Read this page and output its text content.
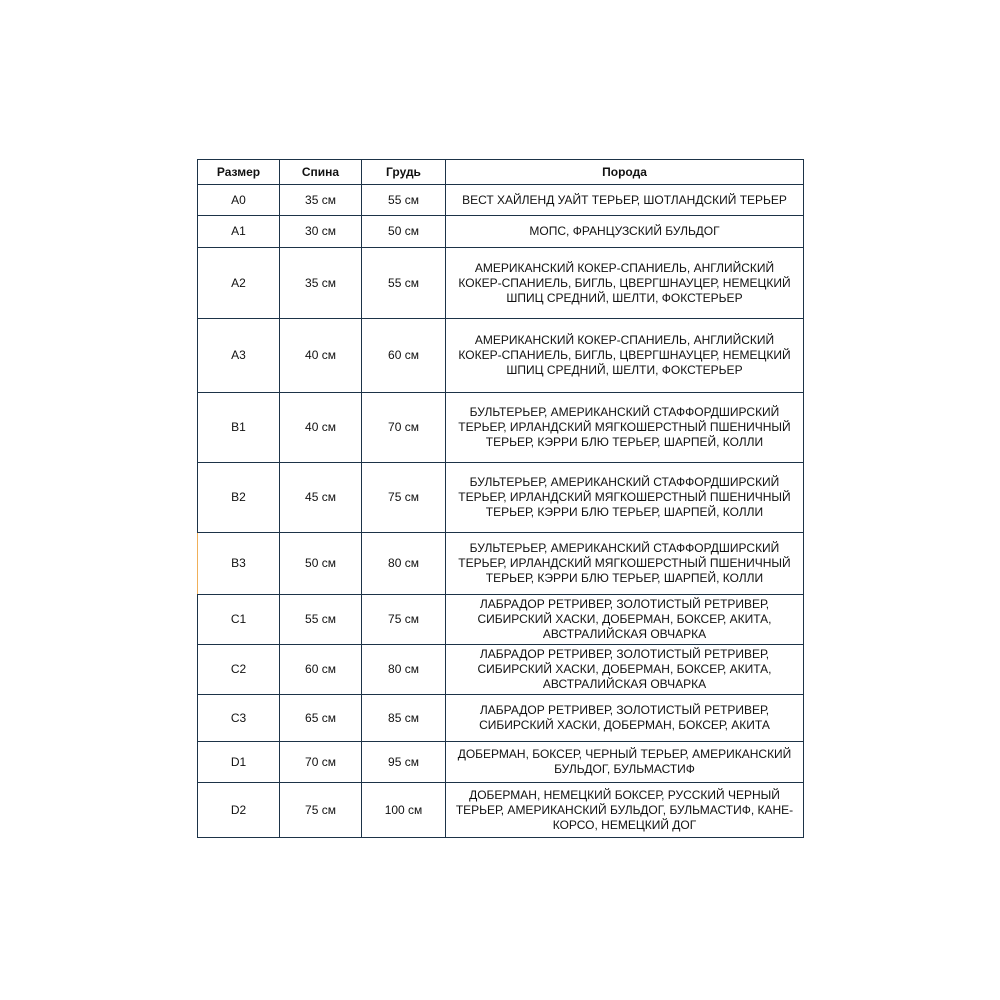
Размер	Спина	Грудь	Порода
A0	35 см	55 см	ВЕСТ ХАЙЛЕНД УАЙТ ТЕРЬЕР, ШОТЛАНДСКИЙ ТЕРЬЕР
A1	30 см	50 см	МОПС, ФРАНЦУЗСКИЙ БУЛЬДОГ
A2	35 см	55 см	АМЕРИКАНСКИЙ КОКЕР-СПАНИЕЛЬ, АНГЛИЙСКИЙ КОКЕР-СПАНИЕЛЬ, БИГЛЬ, ЦВЕРГШНАУЦЕР, НЕМЕЦКИЙ ШПИЦ СРЕДНИЙ, ШЕЛТИ, ФОКСТЕРЬЕР
A3	40 см	60 см	АМЕРИКАНСКИЙ КОКЕР-СПАНИЕЛЬ, АНГЛИЙСКИЙ КОКЕР-СПАНИЕЛЬ, БИГЛЬ, ЦВЕРГШНАУЦЕР, НЕМЕЦКИЙ ШПИЦ СРЕДНИЙ, ШЕЛТИ, ФОКСТЕРЬЕР
B1	40 см	70 см	БУЛЬТЕРЬЕР, АМЕРИКАНСКИЙ СТАФФОРДШИРСКИЙ ТЕРЬЕР, ИРЛАНДСКИЙ МЯГКОШЕРСТНЫЙ ПШЕНИЧНЫЙ ТЕРЬЕР, КЭРРИ БЛЮ ТЕРЬЕР, ШАРПЕЙ, КОЛЛИ
B2	45 см	75 см	БУЛЬТЕРЬЕР, АМЕРИКАНСКИЙ СТАФФОРДШИРСКИЙ ТЕРЬЕР, ИРЛАНДСКИЙ МЯГКОШЕРСТНЫЙ ПШЕНИЧНЫЙ ТЕРЬЕР, КЭРРИ БЛЮ ТЕРЬЕР, ШАРПЕЙ, КОЛЛИ
B3	50 см	80 см	БУЛЬТЕРЬЕР, АМЕРИКАНСКИЙ СТАФФОРДШИРСКИЙ ТЕРЬЕР, ИРЛАНДСКИЙ МЯГКОШЕРСТНЫЙ ПШЕНИЧНЫЙ ТЕРЬЕР, КЭРРИ БЛЮ ТЕРЬЕР, ШАРПЕЙ, КОЛЛИ
C1	55 см	75 см	ЛАБРАДОР РЕТРИВЕР, ЗОЛОТИСТЫЙ РЕТРИВЕР, СИБИРСКИЙ ХАСКИ, ДОБЕРМАН, БОКСЕР, АКИТА, АВСТРАЛИЙСКАЯ ОВЧАРКА
C2	60 см	80 см	ЛАБРАДОР РЕТРИВЕР, ЗОЛОТИСТЫЙ РЕТРИВЕР, СИБИРСКИЙ ХАСКИ, ДОБЕРМАН, БОКСЕР, АКИТА, АВСТРАЛИЙСКАЯ ОВЧАРКА
C3	65 см	85 см	ЛАБРАДОР РЕТРИВЕР, ЗОЛОТИСТЫЙ РЕТРИВЕР, СИБИРСКИЙ ХАСКИ, ДОБЕРМАН, БОКСЕР, АКИТА
D1	70 см	95 см	ДОБЕРМАН, БОКСЕР, ЧЕРНЫЙ ТЕРЬЕР, АМЕРИКАНСКИЙ БУЛЬДОГ, БУЛЬМАСТИФ
D2	75 см	100 см	ДОБЕРМАН, НЕМЕЦКИЙ БОКСЕР, РУССКИЙ ЧЕРНЫЙ ТЕРЬЕР, АМЕРИКАНСКИЙ БУЛЬДОГ, БУЛЬМАСТИФ, КАНЕ-КОРСО, НЕМЕЦКИЙ ДОГ
